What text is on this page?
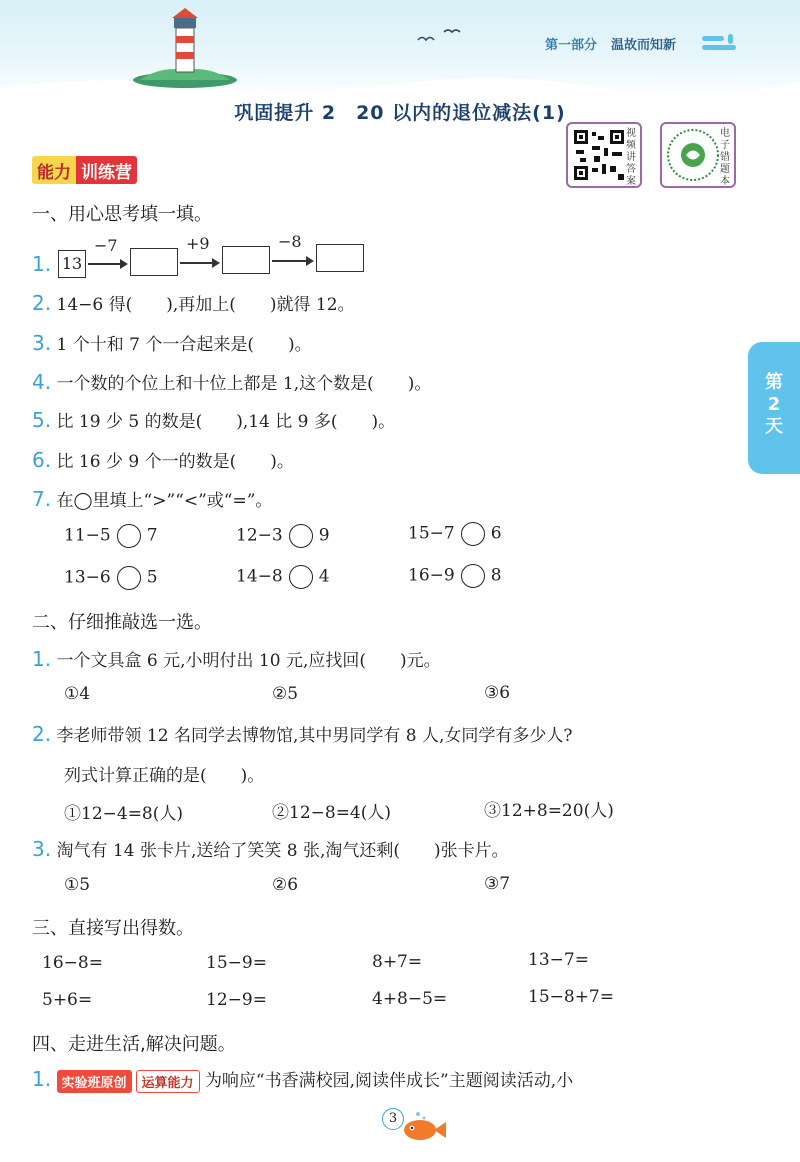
第一部分 温故而知新
巩固提升 2　20 以内的退位减法(1)
视频讲答案
电子错题本
能力 训练营
第
2
天
一、用心思考填一填。
1. 13
−7	+9	−8
2. 14−6 得(　　),再加上(　　)就得 12。
3. 1 个十和 7 个一合起来是(　　)。
4. 一个数的个位上和十位上都是 1,这个数是(　　)。
5. 比 19 少 5 的数是(　　),14 比 9 多(　　)。
6. 比 16 少 9 个一的数是(　　)。
7. 在◯里填上“>”“<”或“=”。
11−5 7	12−3 9	15−7 6
13−6 5	14−8 4	16−9 8
二、仔细推敲选一选。
1. 一个文具盒 6 元,小明付出 10 元,应找回(　　)元。
①4	②5	③6
2. 李老师带领 12 名同学去博物馆,其中男同学有 8 人,女同学有多少人?
列式计算正确的是(　　)。
①12−4=8(人)	②12−8=4(人)	③12+8=20(人)
3. 淘气有 14 张卡片,送给了笑笑 8 张,淘气还剩(　　)张卡片。
①5	②6	③7
三、直接写出得数。
16−8=	15−9=	8+7=	13−7=
5+6=	12−9=	4+8−5=	15−8+7=
四、走进生活,解决问题。
1. 实验班原创 运算能力 为响应“书香满校园,阅读伴成长”主题阅读活动,小
3
